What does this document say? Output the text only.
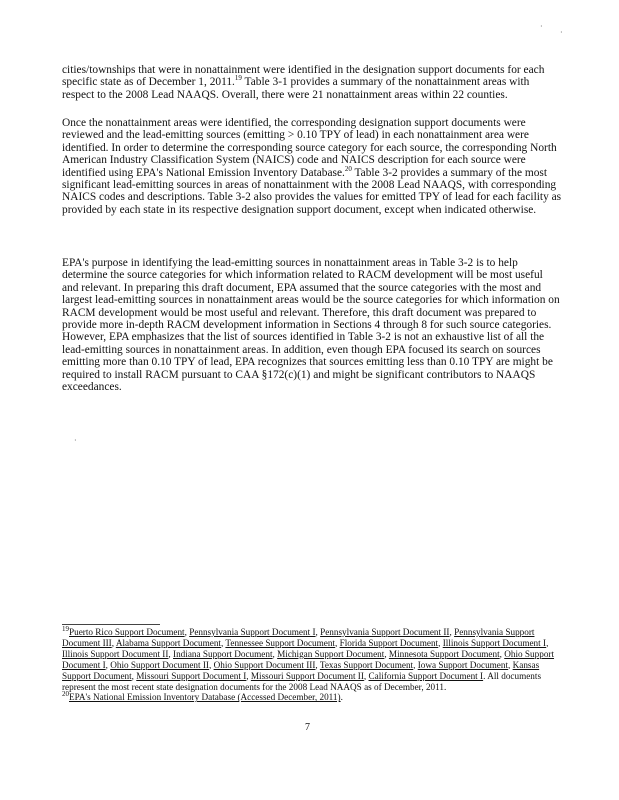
·
·

cities/townships that were in nonattainment were identified in the designation support documents for each specific state as of December 1, 2011.19 Table 3-1 provides a summary of the nonattainment areas with respect to the 2008 Lead NAAQS. Overall, there were 21 nonattainment areas within 22 counties.

Once the nonattainment areas were identified, the corresponding designation support documents were reviewed and the lead-emitting sources (emitting > 0.10 TPY of lead) in each nonattainment area were identified. In order to determine the corresponding source category for each source, the corresponding North American Industry Classification System (NAICS) code and NAICS description for each source were identified using EPA's National Emission Inventory Database.$^{20}$ Table 3-2 provides a summary of the most significant lead-emitting sources in areas of nonattainment with the 2008 Lead NAAQS, with corresponding NAICS codes and descriptions. Table 3-2 also provides the values for emitted TPY of lead for each facility as provided by each state in its respective designation support document, except when indicated otherwise.

EPA's purpose in identifying the lead-emitting sources in nonattainment areas in Table 3-2 is to help determine the source categories for which information related to RACM development will be most useful and relevant. In preparing this draft document, EPA assumed that the source categories with the most and largest lead-emitting sources in nonattainment areas would be the source categories for which information on RACM development would be most useful and relevant. Therefore, this draft document was prepared to provide more in-depth RACM development information in Sections 4 through 8 for such source categories. However, EPA emphasizes that the list of sources identified in Table 3-2 is not an exhaustive list of all the lead-emitting sources in nonattainment areas. In addition, even though EPA focused its search on sources emitting more than 0.10 TPY of lead, EPA recognizes that sources emitting less than 0.10 TPY are might be required to install RACM pursuant to CAA §172(c)(1) and might be significant contributors to NAAQS exceedances.

·
$^{19}$Puerto Rico Support Document, Pennsylvania Support Document I, Pennsylvania Support Document II, Pennsylvania Support Document III, Alabama Support Document, Tennessee Support Document, Florida Support Document, Illinois Support Document I, Illinois Support Document II, Indiana Support Document, Michigan Support Document, Minnesota Support Document, Ohio Support Document I, Ohio Support Document II, Ohio Support Document III, Texas Support Document, Iowa Support Document, Kansas Support Document, Missouri Support Document I, Missouri Support Document II, California Support Document I. All documents represent the most recent state designation documents for the 2008 Lead NAAQS as of December, 2011.
$^{20}$EPA's National Emission Inventory Database (Accessed December, 2011).
7
